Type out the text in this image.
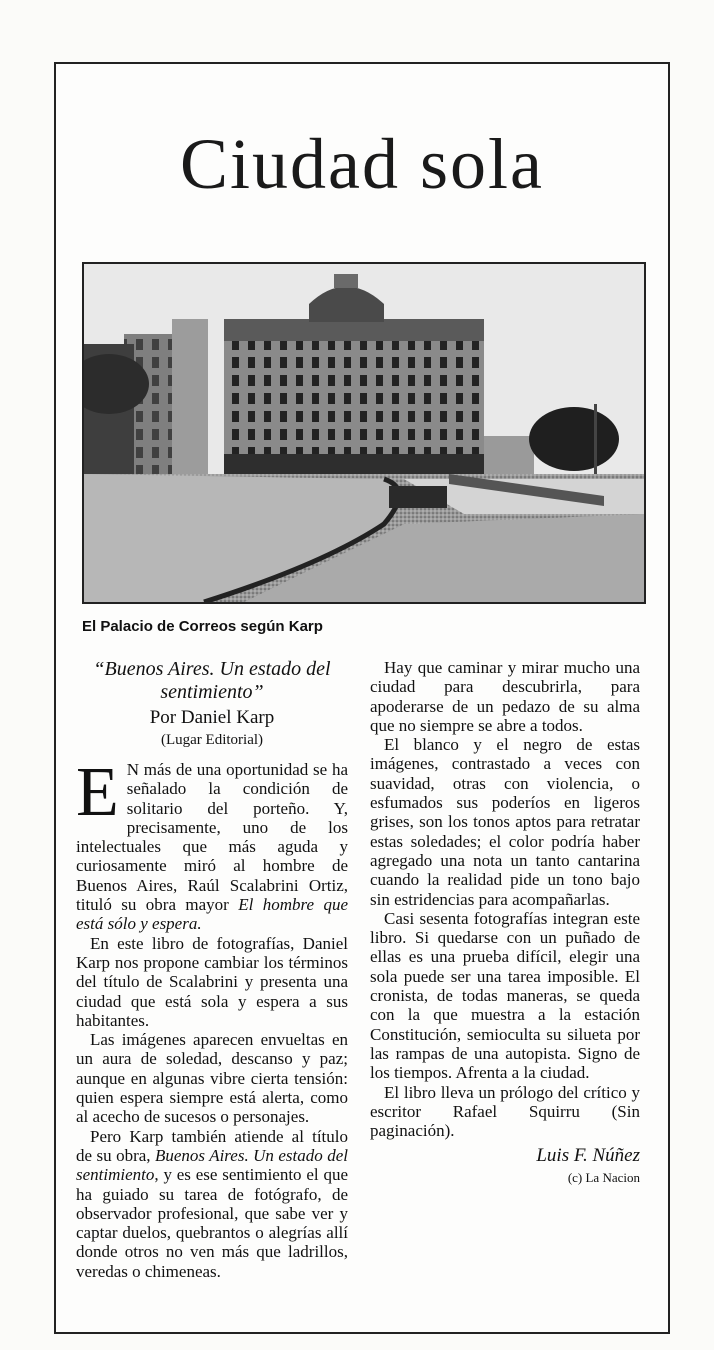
Ciudad sola
El Palacio de Correos según Karp
“Buenos Aires. Un estado del sentimiento”
Por Daniel Karp
(Lugar Editorial)

E N más de una oportunidad se ha señalado la condición de solitario del porteño. Y, precisamente, uno de los intelectuales que más aguda y curiosamente miró al hombre de Buenos Aires, Raúl Scalabrini Ortiz, tituló su obra mayor El hombre que está sólo y espera.

En este libro de fotografías, Daniel Karp nos propone cambiar los términos del título de Scalabrini y presenta una ciudad que está sola y espera a sus habitantes.

Las imágenes aparecen envueltas en un aura de soledad, descanso y paz; aunque en algunas vibre cierta tensión: quien espera siempre está alerta, como al acecho de sucesos o personajes.

Pero Karp también atiende al título de su obra, Buenos Aires. Un estado del sentimiento, y es ese sentimiento el que ha guiado su tarea de fotógrafo, de observador profesional, que sabe ver y captar duelos, quebrantos o alegrías allí donde otros no ven más que ladrillos, veredas o chimeneas.

Hay que caminar y mirar mucho una ciudad para descubrirla, para apoderarse de un pedazo de su alma que no siempre se abre a todos.

El blanco y el negro de estas imágenes, contrastado a veces con suavidad, otras con violencia, o esfumados sus poderíos en ligeros grises, son los tonos aptos para retratar estas soledades; el color podría haber agregado una nota un tanto cantarina cuando la realidad pide un tono bajo sin estridencias para acompañarlas.

Casi sesenta fotografías integran este libro. Si quedarse con un puñado de ellas es una prueba difícil, elegir una sola puede ser una tarea imposible. El cronista, de todas maneras, se queda con la que muestra a la estación Constitución, semioculta su silueta por las rampas de una autopista. Signo de los tiempos. Afrenta a la ciudad.

El libro lleva un prólogo del crítico y escritor Rafael Squirru (Sin paginación).

Luis F. Núñez
(c) La Nacion
